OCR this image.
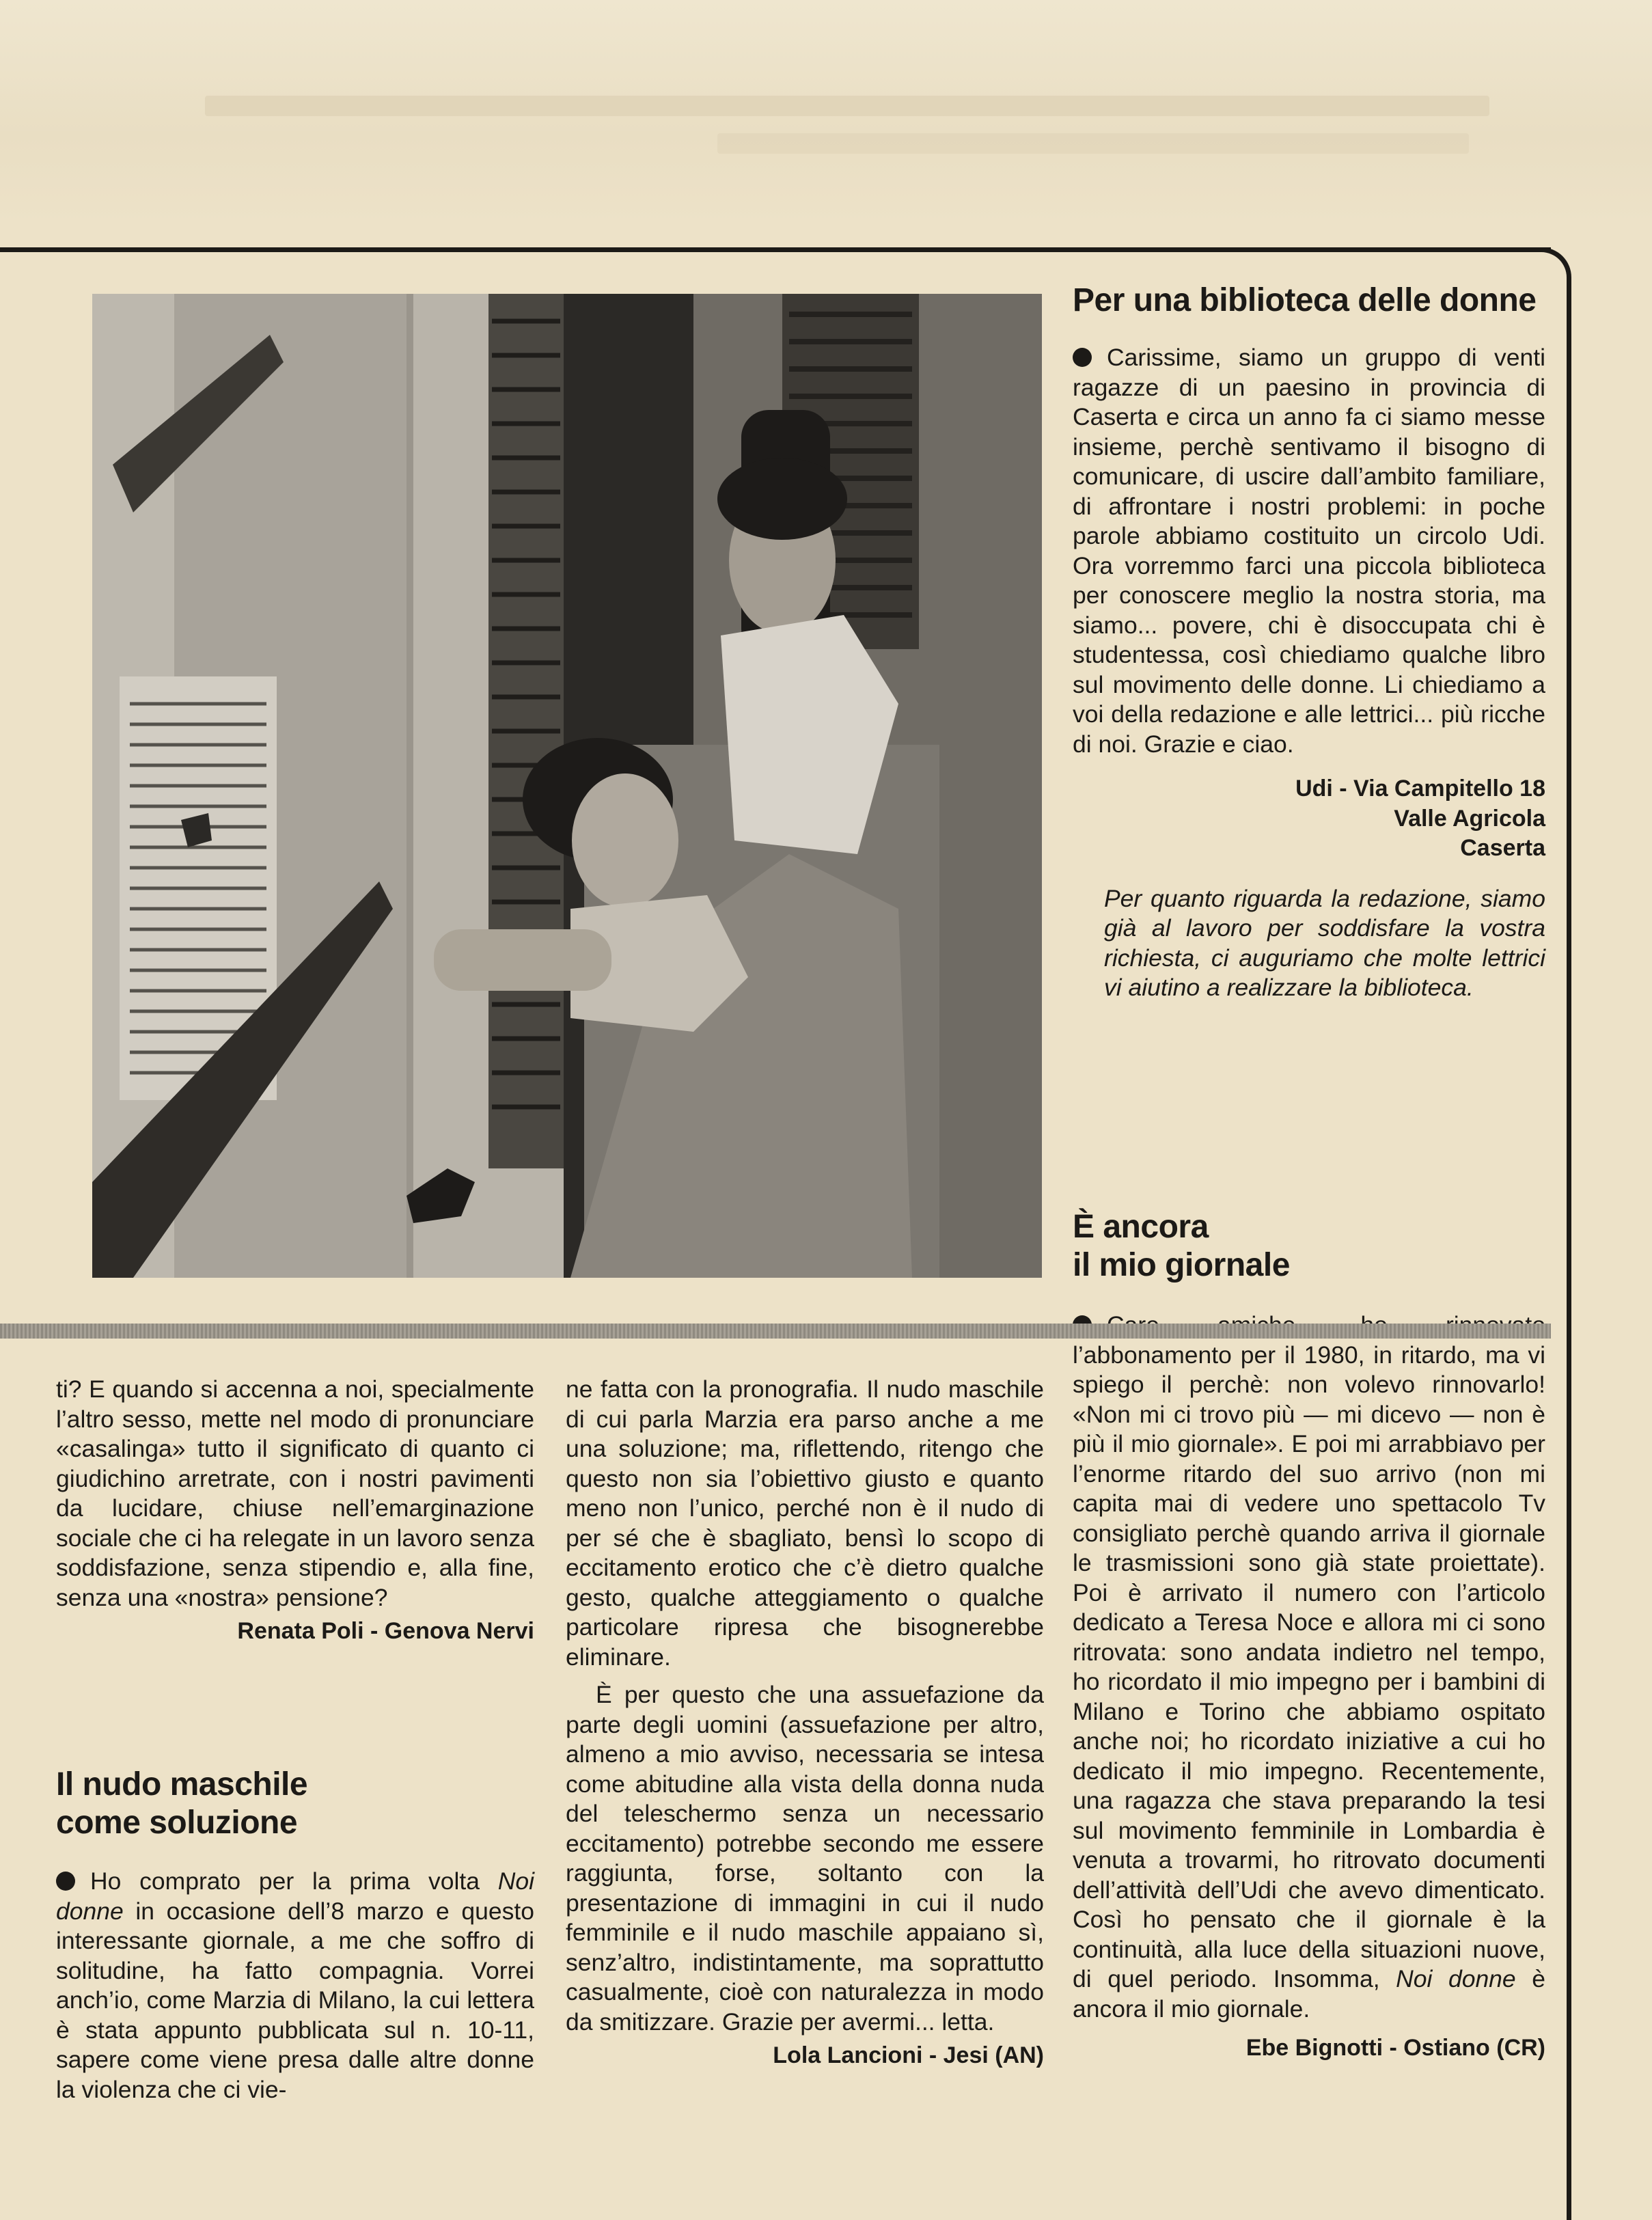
Per una biblioteca delle donne

Carissime, siamo un gruppo di venti ragazze di un paesino in provincia di Caserta e circa un anno fa ci siamo messe insieme, perchè sentivamo il bisogno di comunicare, di uscire dall’ambito familiare, di affrontare i nostri problemi: in poche parole abbiamo costituito un circolo Udi. Ora vorremmo farci una piccola biblioteca per conoscere meglio la nostra storia, ma siamo... povere, chi è disoccupata chi è studentessa, così chiediamo qualche libro sul movimento delle donne. Li chiediamo a voi della redazione e alle lettrici... più ricche di noi. Grazie e ciao.

Udi - Via Campitello 18
Valle Agricola
Caserta

Per quanto riguarda la redazione, siamo già al lavoro per soddisfare la vostra richiesta, ci auguriamo che molte lettrici vi aiutino a realizzare la biblioteca.

È ancora
il mio giornale

l’abbonamento per il 1980, in ritardo, ma vi spiego il perchè: non volevo rinnovarlo! «Non mi ci trovo più — mi dicevo — non è più il mio giornale». E poi mi arrabbiavo per l’enorme ritardo del suo arrivo (non mi capita mai di vedere uno spettacolo Tv consigliato perchè quando arriva il giornale le trasmissioni sono già state proiettate). Poi è arrivato il numero con l’articolo dedicato a Teresa Noce e allora mi ci sono ritrovata: sono andata indietro nel tempo, ho ricordato il mio impegno per i bambini di Milano e Torino che abbiamo ospitato anche noi; ho ricordato iniziative a cui ho dedicato il mio impegno. Recentemente, una ragazza che stava preparando la tesi sul movimento femminile in Lombardia è venuta a trovarmi, ho ritrovato documenti dell’attività dell’Udi che avevo dimenticato. Così ho pensato che il giornale è la continuità, alla luce della situazioni nuove, di quel periodo. Insomma, Noi donne è ancora il mio giornale.

Ebe Bignotti - Ostiano (CR)

ti? E quando si accenna a noi, specialmente l’altro sesso, mette nel modo di pronunciare «casalinga» tutto il significato di quanto ci giudichino arretrate, con i nostri pavimenti da lucidare, chiuse nell’emarginazione sociale che ci ha relegate in un lavoro senza soddisfazione, senza stipendio e, alla fine, senza una «nostra» pensione?

Renata Poli - Genova Nervi
Il nudo maschile
come soluzione

Ho comprato per la prima volta Noi donne in occasione dell’8 marzo e questo interessante giornale, a me che soffro di solitudine, ha fatto compagnia. Vorrei anch’io, come Marzia di Milano, la cui lettera è stata appunto pubblicata sul n. 10-11, sapere come viene presa dalle altre donne la violenza che ci vie-

ne fatta con la pronografia. Il nudo maschile di cui parla Marzia era parso anche a me una soluzione; ma, riflettendo, ritengo che questo non sia l’obiettivo giusto e quanto meno non l’unico, perché non è il nudo di per sé che è sbagliato, bensì lo scopo di eccitamento erotico che c’è dietro qualche gesto, qualche atteggiamento o qualche particolare ripresa che bisognerebbe eliminare.

È per questo che una assuefazione da parte degli uomini (assuefazione per altro, almeno a mio avviso, necessaria se intesa come abitudine alla vista della donna nuda del teleschermo senza un necessario eccitamento) potrebbe secondo me essere raggiunta, forse, soltanto con la presentazione di immagini in cui il nudo femminile e il nudo maschile appaiano sì, senz’altro, indistintamente, ma soprattutto casualmente, cioè con naturalezza in modo da smitizzare. Grazie per avermi... letta.

Lola Lancioni - Jesi (AN)
